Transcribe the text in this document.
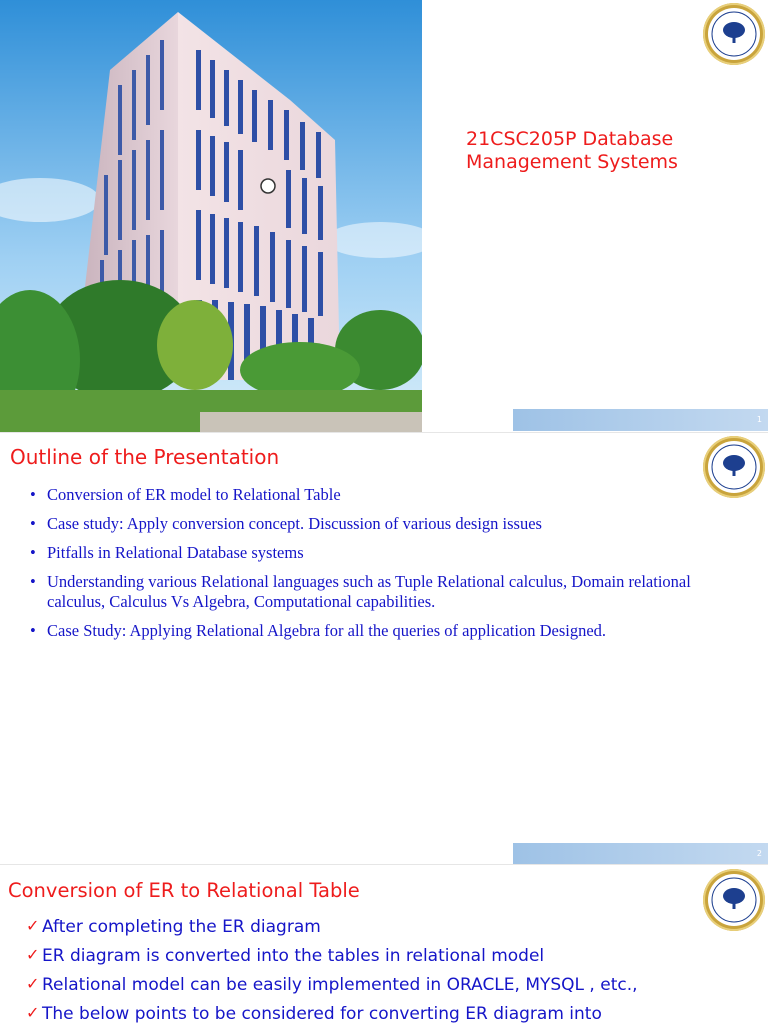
21CSC205P Database Management Systems
1
Outline of the Presentation
• Conversion of ER model to Relational Table
• Case study: Apply conversion concept. Discussion of various design issues
• Pitfalls in Relational Database systems
• Understanding various Relational languages such as Tuple Relational calculus, Domain relational calculus, Calculus Vs Algebra, Computational capabilities.
• Case Study: Applying Relational Algebra for all the queries of application Designed.
2
Conversion of ER to Relational Table
✓ After completing the ER diagram
✓ ER diagram is converted into the tables in relational model
✓ Relational model can be easily implemented in ORACLE, MYSQL , etc.,
✓ The below points to be considered for converting ER diagram into
